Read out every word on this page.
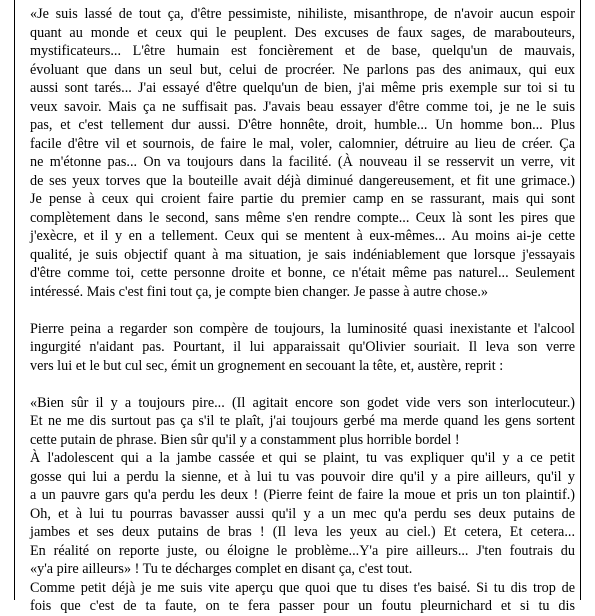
«Je suis lassé de tout ça, d'être pessimiste, nihiliste, misanthrope, de n'avoir aucun espoir
quant au monde et ceux qui le peuplent. Des excuses de faux sages, de marabouteurs,
mystificateurs... L'être humain est foncièrement et de base, quelqu'un de mauvais,
évoluant que dans un seul but, celui de procréer. Ne parlons pas des animaux, qui eux
aussi sont tarés... J'ai essayé d'être quelqu'un de bien, j'ai même pris exemple sur toi si tu
veux savoir. Mais ça ne suffisait pas. J'avais beau essayer d'être comme toi, je ne le suis
pas, et c'est tellement dur aussi. D'être honnête, droit, humble... Un homme bon... Plus
facile d'être vil et sournois, de faire le mal, voler, calomnier, détruire au lieu de créer. Ça
ne m'étonne pas... On va toujours dans la facilité. (À nouveau il se resservit un verre, vit
de ses yeux torves que la bouteille avait déjà diminué dangereusement, et fit une grimace.)
Je pense à ceux qui croient faire partie du premier camp en se rassurant, mais qui sont
complètement dans le second, sans même s'en rendre compte... Ceux là sont les pires que
j'exècre, et il y en a tellement. Ceux qui se mentent à eux-mêmes... Au moins ai-je cette
qualité, je suis objectif quant à ma situation, je sais indéniablement que lorsque j'essayais
d'être comme toi, cette personne droite et bonne, ce n'était même pas naturel... Seulement
intéressé. Mais c'est fini tout ça, je compte bien changer. Je passe à autre chose.»
Pierre peina a regarder son compère de toujours, la luminosité quasi inexistante et l'alcool
ingurgité n'aidant pas. Pourtant, il lui apparaissait qu'Olivier souriait. Il leva son verre
vers lui et le but cul sec, émit un grognement en secouant la tête, et, austère, reprit :
«Bien sûr il y a toujours pire... (Il agitait encore son godet vide vers son interlocuteur.)
Et ne me dis surtout pas ça s'il te plaît, j'ai toujours gerbé ma merde quand les gens sortent
cette putain de phrase. Bien sûr qu'il y a constamment plus horrible bordel !
À l'adolescent qui a la jambe cassée et qui se plaint, tu vas expliquer qu'il y a ce petit
gosse qui lui a perdu la sienne, et à lui tu vas pouvoir dire qu'il y a pire ailleurs, qu'il y
a un pauvre gars qu'a perdu les deux ! (Pierre feint de faire la moue et pris un ton plaintif.)
Oh, et à lui tu pourras bavasser aussi qu'il y a un mec qu'a perdu ses deux putains de
jambes et ses deux putains de bras ! (Il leva les yeux au ciel.) Et cetera, Et cetera...
En réalité on reporte juste, ou éloigne le problème...Y'a pire ailleurs... J'ten foutrais du
«y'a pire ailleurs» ! Tu te décharges complet en disant ça, c'est tout.
Comme petit déjà je me suis vite aperçu que quoi que tu dises t'es baisé. Si tu dis trop de
fois que c'est de ta faute, on te fera passer pour un foutu pleurnichard et si tu dis
